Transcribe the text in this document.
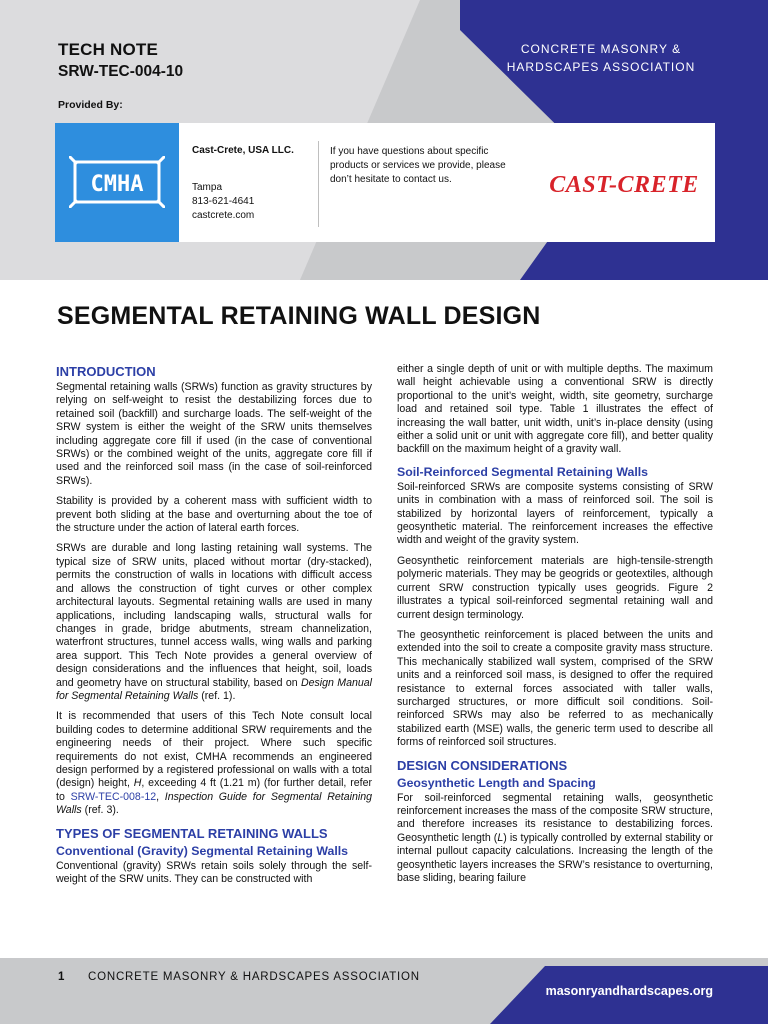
TECH NOTE
SRW-TEC-004-10
CONCRETE MASONRY &
HARDSCAPES ASSOCIATION
Provided By:
CMHA
Cast-Crete, USA LLC.
Tampa
813-621-4641
castcrete.com
If you have questions about specific products or services we provide, please don’t hesitate to contact us.	CAST-CRETE
SEGMENTAL RETAINING WALL DESIGN
INTRODUCTION

Segmental retaining walls (SRWs) function as gravity structures by relying on self-weight to resist the destabilizing forces due to retained soil (backfill) and surcharge loads. The self-weight of the SRW system is either the weight of the SRW units themselves including aggregate core fill if used (in the case of conventional SRWs) or the combined weight of the units, aggregate core fill if used and the reinforced soil mass (in the case of soil-reinforced SRWs).

Stability is provided by a coherent mass with sufficient width to prevent both sliding at the base and overturning about the toe of the structure under the action of lateral earth forces.

SRWs are durable and long lasting retaining wall systems. The typical size of SRW units, placed without mortar (dry-stacked), permits the construction of walls in locations with difficult access and allows the construction of tight curves or other complex architectural layouts. Segmental retaining walls are used in many applications, including landscaping walls, structural walls for changes in grade, bridge abutments, stream channelization, waterfront structures, tunnel access walls, wing walls and parking area support. This Tech Note provides a general overview of design considerations and the influences that height, soil, loads and geometry have on structural stability, based on Design Manual for Segmental Retaining Walls (ref. 1).

It is recommended that users of this Tech Note consult local building codes to determine additional SRW requirements and the engineering needs of their project. Where such specific requirements do not exist, CMHA recommends an engineered design performed by a registered professional on walls with a total (design) height, H, exceeding 4 ft (1.21 m) (for further detail, refer to SRW-TEC-008-12, Inspection Guide for Segmental Retaining Walls (ref. 3).

TYPES OF SEGMENTAL RETAINING WALLS
Conventional (Gravity) Segmental Retaining Walls

Conventional (gravity) SRWs retain soils solely through the self-weight of the SRW units. They can be constructed with

either a single depth of unit or with multiple depths. The maximum wall height achievable using a conventional SRW is directly proportional to the unit’s weight, width, site geometry, surcharge load and retained soil type. Table 1 illustrates the effect of increasing the wall batter, unit width, unit’s in-place density (using either a solid unit or unit with aggregate core fill), and better quality backfill on the maximum height of a gravity wall.

Soil-Reinforced Segmental Retaining Walls

Soil-reinforced SRWs are composite systems consisting of SRW units in combination with a mass of reinforced soil. The soil is stabilized by horizontal layers of reinforcement, typically a geosynthetic material. The reinforcement increases the effective width and weight of the gravity system.

Geosynthetic reinforcement materials are high-tensile-strength polymeric materials. They may be geogrids or geotextiles, although current SRW construction typically uses geogrids. Figure 2 illustrates a typical soil-reinforced segmental retaining wall and current design terminology.

The geosynthetic reinforcement is placed between the units and extended into the soil to create a composite gravity mass structure. This mechanically stabilized wall system, comprised of the SRW units and a reinforced soil mass, is designed to offer the required resistance to external forces associated with taller walls, surcharged structures, or more difficult soil conditions. Soil-reinforced SRWs may also be referred to as mechanically stabilized earth (MSE) walls, the generic term used to describe all forms of reinforced soil structures.

DESIGN CONSIDERATIONS
Geosynthetic Length and Spacing

For soil-reinforced segmental retaining walls, geosynthetic reinforcement increases the mass of the composite SRW structure, and therefore increases its resistance to destabilizing forces. Geosynthetic length (L) is typically controlled by external stability or internal pullout capacity calculations. Increasing the length of the geosynthetic layers increases the SRW’s resistance to overturning, base sliding, bearing failure

1 CONCRETE MASONRY & HARDSCAPES ASSOCIATION
masonryandhardscapes.org
